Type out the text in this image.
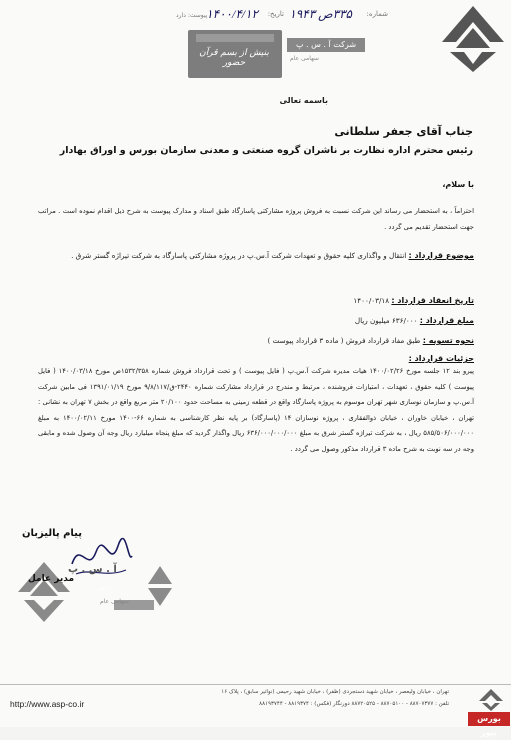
شماره:
۳۳۵ص ۱۹۴۳
تاریخ:
۱۴۰۰/۴/۱۲
پیوست: دارد
شرکت آ . س . پ
سهامی عام
بنیش از بسم قرآن حضور
باسمه تعالی
جناب آقای جعفر سلطانی
رئیس محترم اداره نظارت بر ناشران گروه صنعتی و معدنی سازمان بورس و اوراق بهادار
با سلام،
احتراماً ، به استحضار می رساند این شرکت نسبت به فروش پروژه مشارکتی پاسارگاد طبق اسناد و مدارک پیوست به شرح ذیل اقدام نموده است . مراتب جهت استحضار تقدیم می گردد .
موضوع قرارداد : انتقال و واگذاری کلیه حقوق و تعهدات شرکت آ.س.پ در پروژه مشارکتی پاسارگاد به شرکت تیراژه گستر شرق .
تاریخ انعقاد قرارداد : ۱۴۰۰/۰۳/۱۸
مبلغ قرارداد : ۶۳۶/۰۰۰ میلیون ریال
نحوه تسویه : طبق مفاد قرارداد فروش ( ماده ۳ قرارداد پیوست )
جزئیات قرارداد :
پیرو بند ۱۲ جلسه مورخ ۱۴۰۰/۰۲/۲۶ هیات مدیره شرکت آ.س.پ ( فایل پیوست ) و تحت قرارداد فروش شماره ۱۵۳۲/۳۵۸ص مورخ ۱۴۰۰/۰۳/۱۸ ( فایل پیوست ) کلیه حقوق ، تعهدات ، امتیازات فروشنده ، مرتبط و مندرج در قرارداد مشارکت شماره ۲۴۴۰-ق/۹/۸/۱۱۷ مورخ ۱۳۹۱/۰۱/۱۹ فی مابین شرکت آ.س.پ و سازمان نوسازی شهر تهران موسوم به پروژه پاسارگاد واقع در قطعه زمینی به مساحت حدود ۲۰/۱۰۰ متر مربع واقع در بخش ۷ تهران به نشانی : تهران ، خیابان خاوران ، خیابان ذوالفقاری ، پروژه نوسازان ۱۴ (پاسارگاد) بر پایه نظر کارشناسی به شماره ۶۶-۱۴۰۰ مورخ ۱۴۰۰/۰۲/۱۱ به مبلغ ۵۸۵/۵۰۶/۰۰۰/۰۰۰ ریال ، به شرکت تیراژه گستر شرق به مبلغ ۶۳۶/۰۰۰/۰۰۰/۰۰۰ ریال واگذار گردید که مبلغ پنجاه میلیارد ریال وجه آن وصول شده و مابقی وجه در سه نوبت به شرح ماده ۳ قرارداد مذکور وصول می گردد .
پیام پالیزبان
آ . س . پ
ASP
سهامی عام
مدیر عامل
http://www.asp-co.ir
تهران ، خیابان ولیعصر ، خیابان شهید دستجردی (ظفر) ، خیابان شهید رحیمی (نواتیر سابق) ، پلاک ۱۶
تلفن : ۸۸۷۰۷۳۷۷ - ۸۸۷۰۵۱۰۰ - ۸۸۷۲۰۵۲۵ دورنگار (فکس) : ۸۸۱۹۳۷۴ - ۸۸۱۹۳۷۴۴
بورس نیوز
